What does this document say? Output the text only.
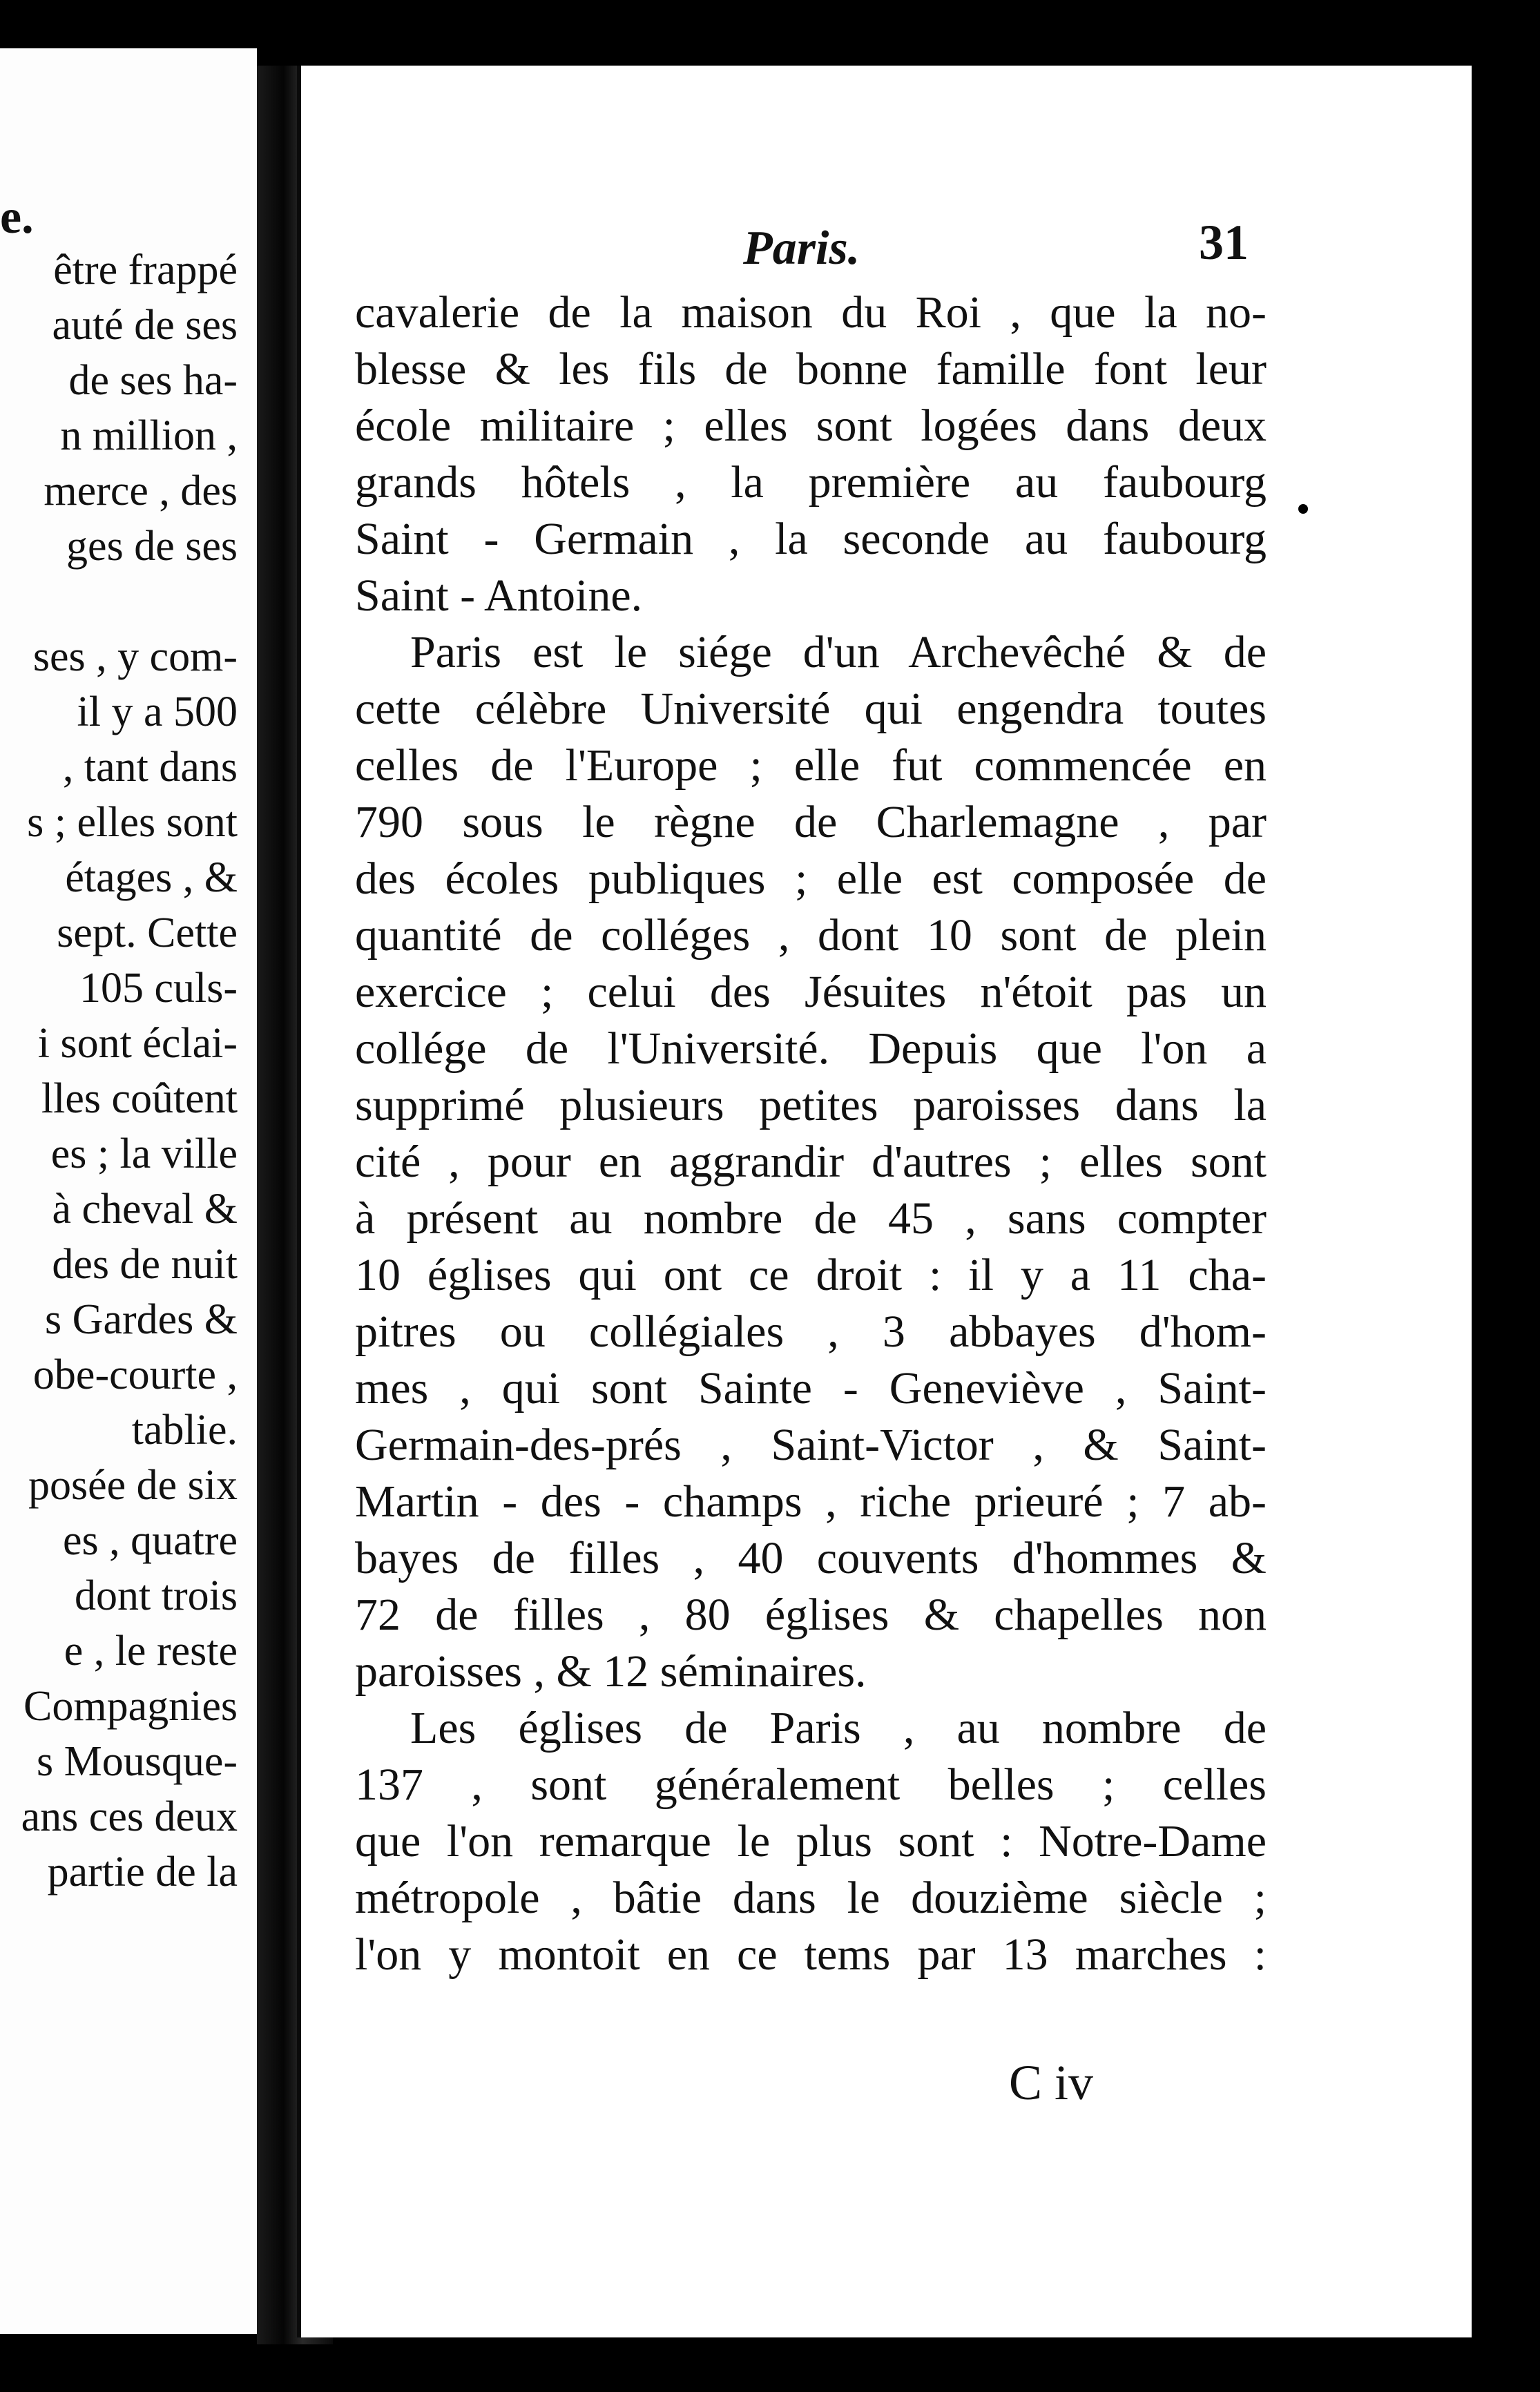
e.
être frappé
auté de ses
de ses ha-
n million ,
merce , des
ges de ses
ses , y com-
il y a 500
, tant dans
s ; elles sont
étages , &
sept. Cette
105 culs-
i sont éclai-
lles coûtent
es ; la ville
à cheval &
des de nuit
s Gardes &
obe-courte ,
tablie.
posée de six
es , quatre
dont trois
e , le reste
Compagnies
s Mousque-
ans ces deux
partie de la
Paris.	31
C iv
cavalerie de la maison du Roi , que la no-
blesse & les fils de bonne famille font leur
école militaire ; elles sont logées dans deux
grands hôtels , la première au faubourg
Saint - Germain , la seconde au faubourg
Saint - Antoine.
Paris est le siége d'un Archevêché & de
cette célèbre Université qui engendra toutes
celles de l'Europe ; elle fut commencée en
790 sous le règne de Charlemagne , par
des écoles publiques ; elle est composée de
quantité de colléges , dont 10 sont de plein
exercice ; celui des Jésuites n'étoit pas un
collége de l'Université. Depuis que l'on a
supprimé plusieurs petites paroisses dans la
cité , pour en aggrandir d'autres ; elles sont
à présent au nombre de 45 , sans compter
10 églises qui ont ce droit : il y a 11 cha-
pitres ou collégiales , 3 abbayes d'hom-
mes , qui sont Sainte - Geneviève , Saint-
Germain-des-prés , Saint-Victor , & Saint-
Martin - des - champs , riche prieuré ; 7 ab-
bayes de filles , 40 couvents d'hommes &
72 de filles , 80 églises & chapelles non
paroisses , & 12 séminaires.
Les églises de Paris , au nombre de
137 , sont généralement belles ; celles
que l'on remarque le plus sont : Notre-Dame
métropole , bâtie dans le douzième siècle ;
l'on y montoit en ce tems par 13 marches :
